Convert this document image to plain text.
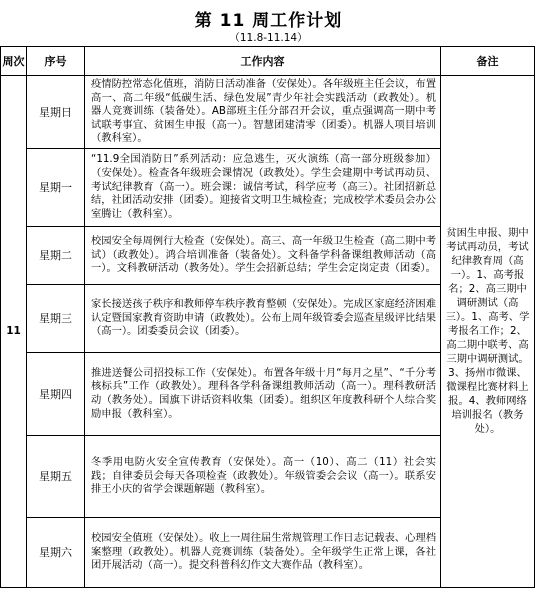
第 11 周工作计划
（11.8-11.14）
周次	序号	工作内容	备注
11	星期日	疫情防控常态化值班，消防日活动准备（安保处）。各年级班主任会议，布置高一、高二年级“低碳生活、绿色发展”青少年社会实践活动（政教处）。机器人竞赛训练（装备处）。AB部班主任分部召开会议，重点强调高一期中考试联考事宜、贫困生申报（高一）。智慧团建清零（团委）。机器人项目培训（教科室）。	贫困生申报、期中考试再动员，考试纪律教育周（高一）。1、高考报名；2、高三期中调研测试（高三）。1、高考、学考报名工作；2、高二期中联考、高三期中调研测试。3、扬州市微课、微课程比赛材料上报。4、教师网络培训报名（教务处）。

	星期一	“11.9全国消防日”系列活动：应急逃生，灭火演练（高一部分班级参加）（安保处）。检查各年级班会课情况（政教处）。学生会建期中考试再动员、考试纪律教育（高一）。班会课：诚信考试，科学应考（高三）。社团招新总结，社团活动安排（团委）。迎接省文明卫生城检查；完成校学术委员会办公室腾让（教科室）。	

	星期二	校园安全每周例行大检查（安保处）。高三、高一年级卫生检查（高二期中考试）（政教处）。鸿合培训准备（装备处）。文科备学科备课组教师活动（高一）。文科教研活动（教务处）。学生会招新总结；学生会定岗定责（团委）。	

	星期三	家长接送孩子秩序和教师停车秩序教育整顿（安保处）。完成区家庭经济困难认定暨国家教育资助申请（政教处）。公布上周年级管委会巡查星级评比结果（高一）。团委委员会议（团委）。	

	星期四	推进送餐公司招投标工作（安保处）。布置各年级十月“每月之星”、“千分考核标兵”工作（政教处）。理科各学科备课组教师活动（高一）。理科教研活动（教务处）。国旗下讲话资料收集（团委）。组织区年度教科研个人综合奖励申报（教科室）。	

	星期五	冬季用电防火安全宣传教育（安保处）。高一（10）、高二（11）社会实践；自律委员会每天各项检查（政教处）。年级管委会会议（高一）。联系安排王小庆的省学会课题解题（教科室）。	

	星期六	校园安全值班（安保处）。收上一周往届生常规管理工作日志记载表、心理档案整理（政教处）。机器人竞赛训练（装备处）。全年级学生正常上课，各社团开展活动（高一）。提交科普科幻作文大赛作品（教科室）。	
